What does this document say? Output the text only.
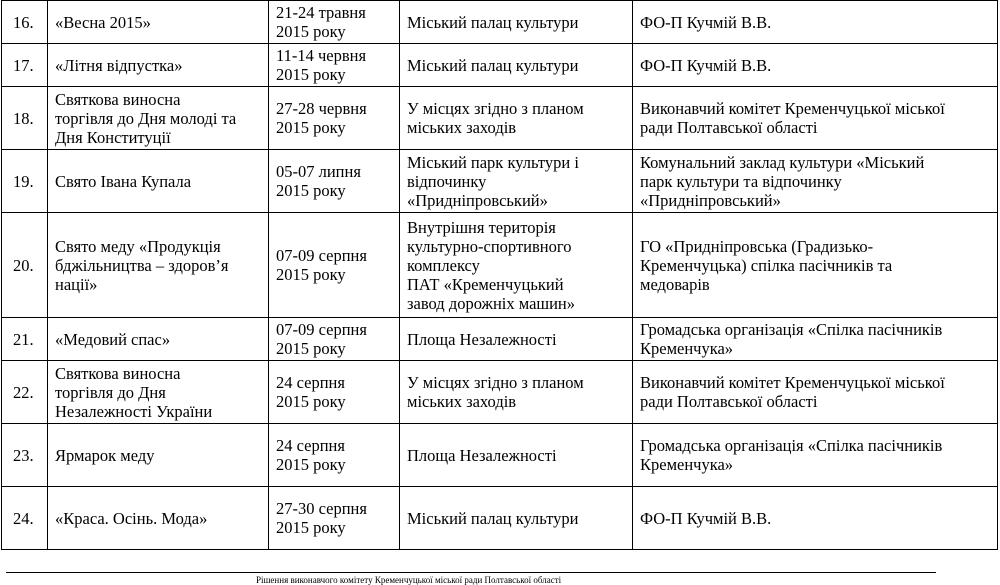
16.	«Весна 2015»	21-24 травня
2015 року	Міський палац культури	ФО-П Кучмій В.В.
17.	«Літня відпустка»	11-14 червня
2015 року	Міський палац культури	ФО-П Кучмій В.В.
18.	Святкова виносна
торгівля до Дня молоді та
Дня Конституції	27-28 червня
2015 року	У місцях згідно з планом
міських заходів	Виконавчий комітет Кременчуцької міської
ради Полтавської області
19.	Свято Івана Купала	05-07 липня
2015 року	Міський парк культури і
відпочинку
«Придніпровський»	Комунальний заклад культури «Міський
парк культури та відпочинку
«Придніпровський»
20.	Свято меду «Продукція
бджільництва – здоров’я
нації»	07-09 серпня
2015 року	Внутрішня територія
культурно-спортивного
комплексу
ПАТ «Кременчуцький
завод дорожніх машин»	ГО «Придніпровська (Градизько-
Кременчуцька) спілка пасічників та
медоварів
21.	«Медовий спас»	07-09 серпня
2015 року	Площа Незалежності	Громадська організація «Спілка пасічників
Кременчука»
22.	Святкова виносна
торгівля до Дня
Незалежності України	24 серпня
2015 року	У місцях згідно з планом
міських заходів	Виконавчий комітет Кременчуцької міської
ради Полтавської області
23.	Ярмарок меду	24 серпня
2015 року	Площа Незалежності	Громадська організація «Спілка пасічників
Кременчука»
24.	«Краса. Осінь. Мода»	27-30 серпня
2015 року	Міський палац культури	ФО-П Кучмій В.В.
Рішення виконавчого комітету Кременчуцької міської ради Полтавської області
